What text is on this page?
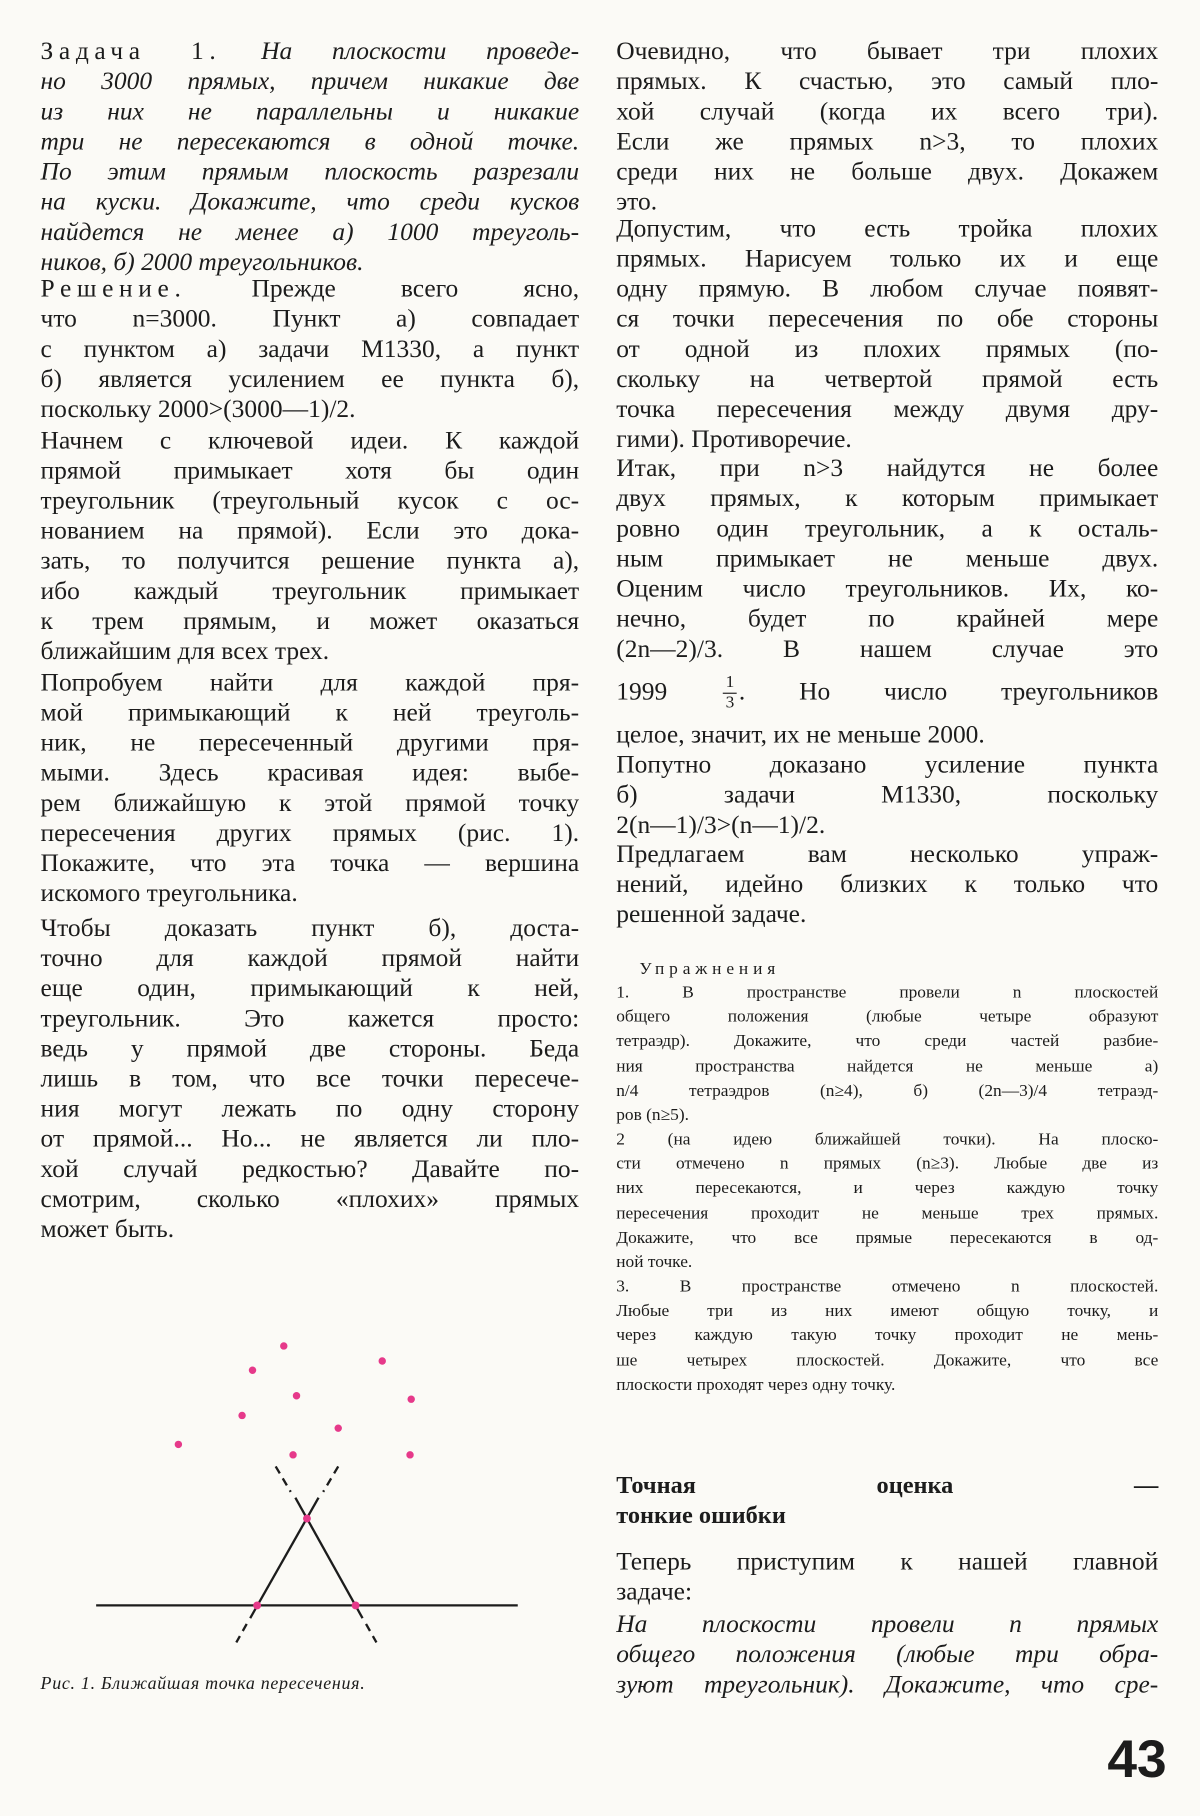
Задача 1. На плоскости проведе-
но 3000 прямых, причем никакие две
из них не параллельны и никакие
три не пересекаются в одной точке.
По этим прямым плоскость разрезали
на куски. Докажите, что среди кусков
найдется не менее а) 1000 треуголь-
ников, б) 2000 треугольников.
Решение.	Прежде всего ясно,
что n=3000. Пункт а) совпадает
с пунктом а) задачи М1330, а пункт
б) является усилением ее пункта б),
поскольку 2000>(3000—1)/2.
Начнем с ключевой идеи. К каждой
прямой примыкает хотя бы один
треугольник (треугольный кусок с ос-
нованием на прямой). Если это дока-
зать, то получится решение пункта а),
ибо каждый треугольник примыкает
к трем прямым, и может оказаться
ближайшим для всех трех.
Попробуем найти для каждой пря-
мой примыкающий к ней треуголь-
ник, не пересеченный другими пря-
мыми. Здесь красивая идея: выбе-
рем ближайшую к этой прямой точку
пересечения других прямых (рис. 1).
Покажите, что эта точка — вершина
искомого треугольника.
Чтобы доказать пункт б), доста-
точно для каждой прямой найти
еще один, примыкающий к ней,
треугольник. Это кажется просто:
ведь у прямой две стороны. Беда
лишь в том, что все точки пересече-
ния могут лежать по одну сторону
от прямой... Но... не является ли пло-
хой случай редкостью? Давайте по-
смотрим, сколько «плохих» прямых
может быть.
Упражнения
Очевидно, что бывает три плохих
прямых. К счастью, это самый пло-
хой случай (когда их всего три).
Если же прямых n>3, то плохих
среди них не больше двух. Докажем
это.
Допустим, что есть тройка плохих
прямых. Нарисуем только их и еще
одну прямую. В любом случае появят-
ся точки пересечения по обе стороны
от одной из плохих прямых (по-
скольку на четвертой прямой есть
точка пересечения между двумя дру-
гими). Противоречие.
Итак, при n>3 найдутся не более
двух прямых, к которым примыкает
ровно один треугольник, а к осталь-
ным примыкает не меньше двух.
Оценим число треугольников. Их, ко-
нечно, будет по крайней мере
(2n—2)/3. В нашем случае это
1999	$\frac{1}{3}$ . Но число треугольников
целое, значит, их не меньше 2000.
Попутно доказано усиление пункта
б) задачи М1330, поскольку
2(n—1)/3>(n—1)/2.
Предлагаем вам несколько упраж-
нений, идейно близких к только что
решенной задаче.
1. В пространстве провели n плоскостей
общего положения (любые четыре образуют
тетраэдр). Докажите, что среди частей разбие-
ния пространства найдется не меньше а)
n/4 тетраэдров (n≥4), б) (2n—3)/4 тетраэд-
ров (n≥5).
2 (на идею ближайшей точки). На плоско-
сти отмечено n прямых (n≥3). Любые две из
них пересекаются, и через каждую точку
пересечения проходит не меньше трех прямых.
Докажите, что все прямые пересекаются в од-
ной точке.
3. В пространстве отмечено n плоскостей.
Любые три из них имеют общую точку, и
через каждую такую точку проходит не мень-
ше четырех плоскостей. Докажите, что все
плоскости проходят через одну точку.
Точная оценка —
тонкие ошибки
Теперь приступим к нашей главной
задаче:
На плоскости провели n прямых
общего положения (любые три обра-
зуют треугольник). Докажите, что сре-
Рис. 1. Ближайшая точка пересечения.
43
